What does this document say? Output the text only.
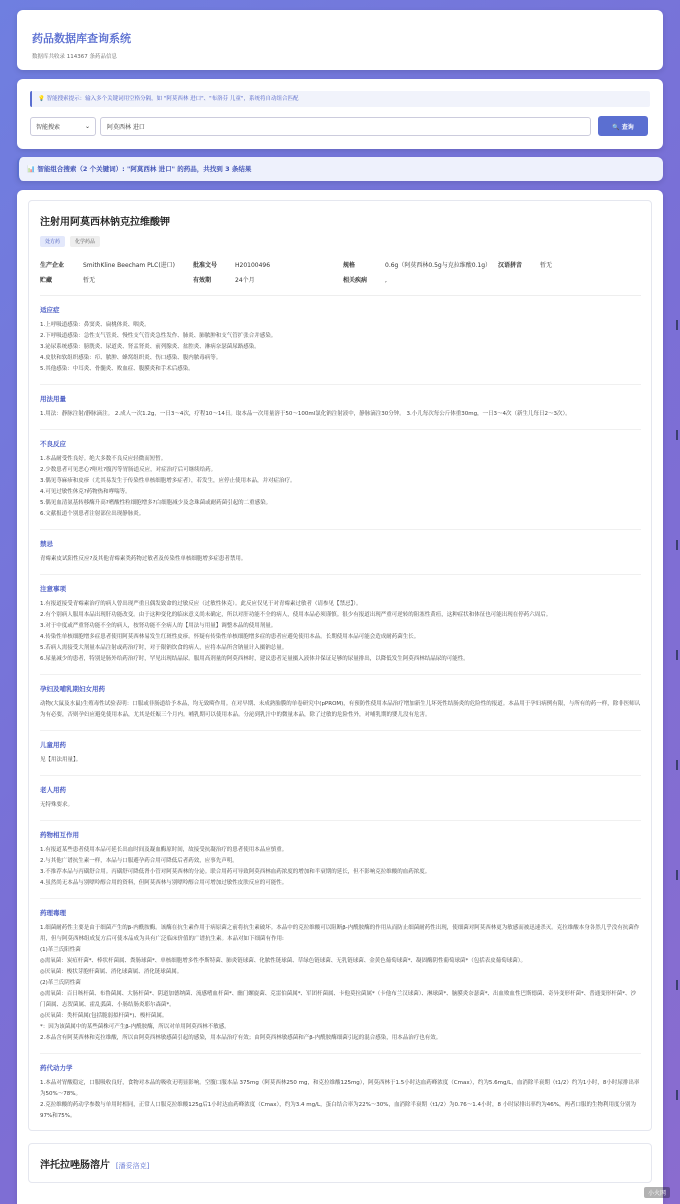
药品数据库查询系统
数据库共收录 114367 条药品信息
💡 智能搜索提示：输入多个关键词用空格分隔，如 "阿莫西林 进口"、"布洛芬 儿童"，系统将自动组合匹配
智能搜索	⌄	阿莫西林 进口	🔍 查询
📊 智能组合搜索（2 个关键词）: "阿莫西林 进口" 的药品，共找到 3 条结果
注射用阿莫西林钠克拉维酸钾
处方药	化学药品
生产企业	SmithKline Beecham PLC(进口)	批准文号	H20100496	规格	0.6g（阿莫西林0.5g与克拉维酸0.1g）	汉语拼音	暂无
贮藏	暂无	有效期	24个月	相关疾病	,
适应症

1.上呼吸道感染：鼻窦炎、扁桃体炎、咽炎。
2.下呼吸道感染：急性支气管炎、慢性支气管炎急性发作、肺炎、肺脓肿和支气管扩张合并感染。
3.泌尿系统感染：膀胱炎、尿道炎、肾盂肾炎、前列腺炎、盆腔炎、淋病奈瑟菌尿路感染。
4.皮肤和软组织感染：疖、脓肿、蜂窝组织炎、伤口感染、腹内脓毒病等。
5.其他感染：中耳炎、骨髓炎、败血症、腹膜炎和手术后感染。

用法用量

1.用法：静脉注射/静脉滴注。 2.成人一次1.2g，一日3～4次，疗程10～14日。取本品一次用量溶于50～100ml氯化钠注射液中，静脉滴注30分钟。 3.小儿每次每公斤体重30mg，一日3～4次（新生儿每日2～3次）。

不良反应

1.本品耐受性良好。绝大多数不良反应轻微而短暂。
2.少数患者可见恶心?呕吐?腹泻等胃肠道反应，对症治疗后可继续给药。
3.偶见荨麻疹和皮疹（尤其易发生于传染性单核细胞增多症者），若发生，应停止使用本品，并对症治疗。
4.可见过敏性休克?药物热和哮喘等。
5.偶见血清氨基转移酶升高?嗜酸性粒细胞增多?白细胞减少及念珠菌或耐药菌引起的二重感染。
6.文献报道个别患者注射部位出现静脉炎。

禁忌

青霉素皮试阳性反应?及其他青霉素类药物过敏者及传染性单核细胞增多症患者禁用。

注意事项

1.有报道接受青霉素治疗的病人曾出现严重且偶发致命的过敏反应（过敏性休克）。此反应仅见于对青霉素过敏者（请参见【禁忌】）。
2.有个别病人服用本品出现肝功能改变。由于这种变化的临床意义尚未确定，所以对肝功能不全的病人，使用本品必须谨慎。很少有报道出现严重可逆转的阻塞性黄疸，这种症状和体征也可能出现在停药六周后。
3.对于中度或严重肾功能不全的病人，按肾功能不全病人的【用法与用量】调整本品的使用剂量。
4.传染性单核细胞增多症患者使用阿莫西林易发生红斑性皮疹。怀疑有传染性单核细胞增多症的患者应避免使用本品。长期使用本品可能会造成耐药菌生长。
5.若病人需接受大剂量本品注射或药治疗时，对于限钠饮食的病人，应将本品所含钠量计入摄钠总量。
6.尿量减少的患者，特别是肠外给药治疗时，罕见出现结晶尿。服用高剂量的阿莫西林时，建议患者足量摄入液体并保证足够的尿量排出，以降低发生阿莫西林结晶尿的可能性。

孕妇及哺乳期妇女用药

动物(大鼠及水鼠)生殖毒性试验表明：口服或非肠道给予本品，均无致畸作用。在对早期、未成熟胎膜的单卷研究中(pPROM)，有预防性使用本品治疗增加新生儿坏死性结肠炎的危险性的报道。本品用于孕妇病例有限，与所有的药一样，除非医师认为有必要，否则孕妇应避免使用本品，尤其是妊娠三个月内。哺乳期可以使用本品。分泌到乳汁中的微量本品，除了过敏的危险性外，对哺乳期的婴儿没有危害。

儿童用药

见【用法用量】。

老人用药

无特殊要求。

药物相互作用

1.有报道某些患者使用本品可延长出血时间及凝血酶原时间，故接受抗凝治疗的患者使用本品应慎重。
2.与其他广谱抗生素一样，本品与口服避孕药合用可降低后者药效，应事先声明。
3.不推荐本品与丙磺舒合用。丙磺舒可降低肾小管对阿莫西林的分泌。联合用药可导致阿莫西林血药浓度的增加和半衰期的延长，但不影响克拉维酸的血药浓度。
4.虽然尚无本品与别嘌呤醇合用的资料，但阿莫西林与别嘌呤醇合用可增加过敏性皮肤反应的可能性。

药理毒理

1.细菌耐药性主要是由于细菌产生的β-内酰胺酶。该酶在抗生素作用于病原菌之前将抗生素破坏。本品中的克拉维酸可以阻断β-内酰胺酶的作用从而防止细菌耐药性出现，使细菌对阿莫西林更为敏感而被迅速杀灭。克拉维酸本身各然几乎没有抗菌作用，但与阿莫西林组成复方后可使本品成为具有广泛临床价值的广谱抗生素。本品对如下细菌有作用:
(1)革兰氏阳性菌
◎需氧菌：炭疽杆菌*、棒状杆菌属、粪肠球菌*、单核细胞增多性李斯特菌、肺炎链球菌、化脓性链球菌、草绿色链球菌、无乳链球菌、金黄色葡萄球菌*、凝固酶阴性葡萄球菌*（包括表皮葡萄球菌）。
◎厌氧菌：梭状芽胞杆菌属、消化球菌属、消化链球菌属。
(2)革兰氏阴性菌
◎需氧菌：百日咳杆菌、布鲁菌属、大肠杆菌*、阴道加德纳菌、流感嗜血杆菌*、幽门螺旋菌、克雷伯菌属*、军团杆菌属、卡他莫拉菌属*（卡他布兰汉球菌）、淋球菌*、脑膜炎奈瑟菌*、出血败血性巴斯德菌、奇异变形杆菌*、普通变形杆菌*、沙门菌属、志贺菌属、霍乱弧菌、小肠结肠炎耶尔森菌*。
◎厌氧菌：类杆菌属(包括脆弱拟杆菌*)、梭杆菌属。
*：因为该菌属中的某些菌株可产生β-内酰胺酶，所以对单用阿莫西林不敏感。
2.本品含有阿莫西林和克拉维酸，所以由阿莫西林敏感菌引起的感染，用本品治疗有效；由阿莫西林敏感菌和产β-内酰胺酶细菌引起的混合感染，用本品治疗也有效。

药代动力学

1.本品对胃酸稳定，口服吸收良好，食物对本品的吸收无明显影响。空腹口服本品 375mg（阿莫西林250 mg，和克拉维酸125mg），阿莫西林于1.5小时达血药峰浓度（Cmax），约为5.6mg/L，血消除半衰期（t1/2）约为1小时，8小时尿排出率为50%～78%。
2.克拉维酸的药动学参数与单用时相同，正常人口服克拉维酸125g后1小时达血药峰浓度（Cmax），约为3.4 mg/L，蛋白结合率为22%～30%，血消除半衰期（t1/2）为0.76～1.4小时，8 小时尿排出率约为46%，两者口服的生物利用度分别为97%和75%。

泮托拉唑肠溶片 [潘妥洛克]
小火网
